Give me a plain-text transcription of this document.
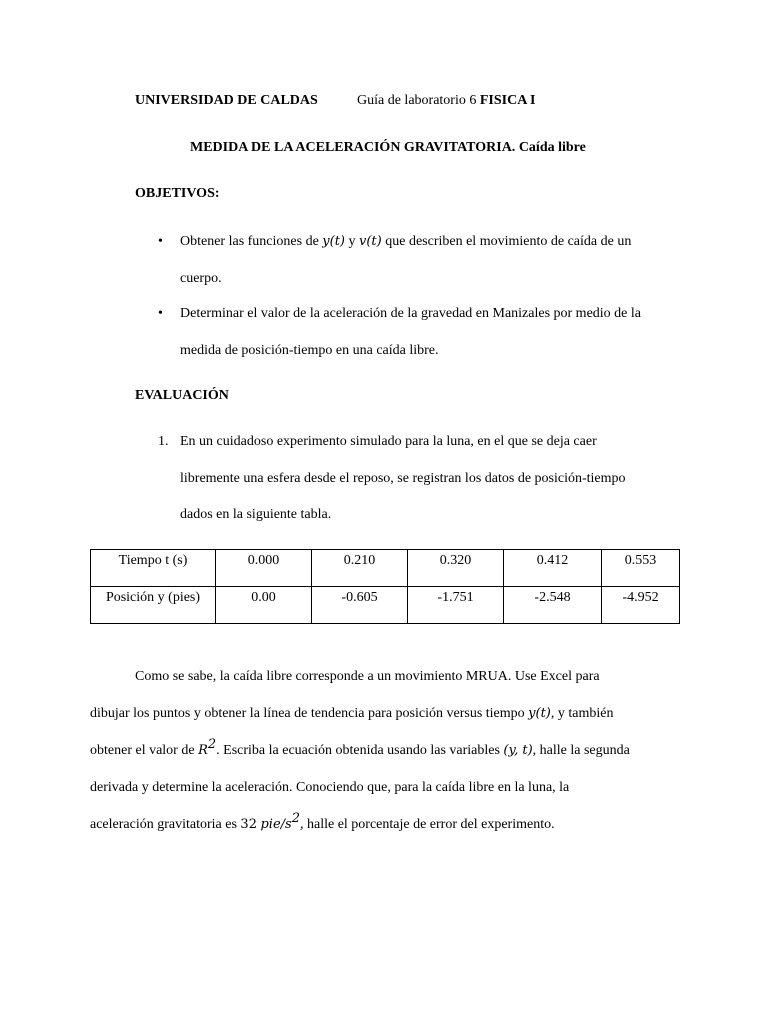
UNIVERSIDAD DE CALDAS	Guía de laboratorio 6 FISICA I
MEDIDA DE LA ACELERACIÓN GRAVITATORIA. Caída libre
OBJETIVOS:
• Obtener las funciones de y(t) y v(t) que describen el movimiento de caída de un
cuerpo.
• Determinar el valor de la aceleración de la gravedad en Manizales por medio de la
medida de posición-tiempo en una caída libre.
EVALUACIÓN
1. En un cuidadoso experimento simulado para la luna, en el que se deja caer
libremente una esfera desde el reposo, se registran los datos de posición-tiempo
dados en la siguiente tabla.
Tiempo t (s)	0.000	0.210	0.320	0.412	0.553
Posición y (pies)	0.00	-0.605	-1.751	-2.548	-4.952
Como se sabe, la caída libre corresponde a un movimiento MRUA. Use Excel para
dibujar los puntos y obtener la línea de tendencia para posición versus tiempo y(t), y también
obtener el valor de $R^2$. Escriba la ecuación obtenida usando las variables (y, t), halle la segunda
derivada y determine la aceleración. Conociendo que, para la caída libre en la luna, la
aceleración gravitatoria es 32 pie/$s^2$, halle el porcentaje de error del experimento.
